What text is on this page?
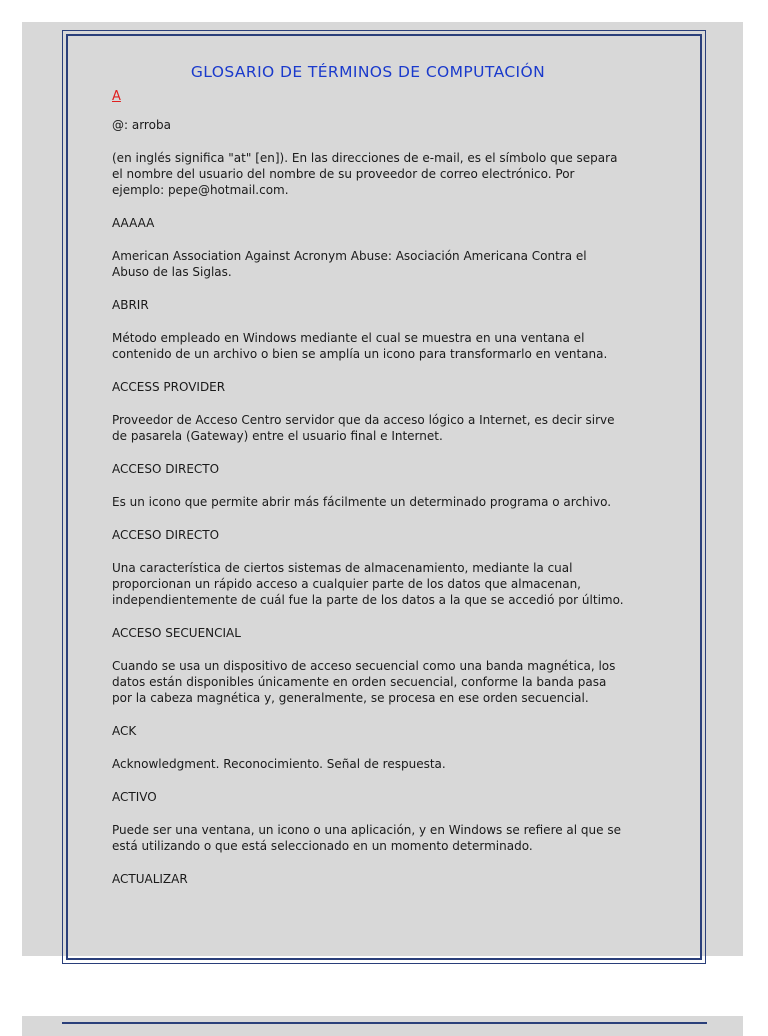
GLOSARIO DE TÉRMINOS DE COMPUTACIÓN
A

@: arroba

(en inglés significa "at" [en]). En las direcciones de e-mail, es el símbolo que separa el nombre del usuario del nombre de su proveedor de correo electrónico. Por ejemplo: pepe@hotmail.com.

AAAAA

American Association Against Acronym Abuse: Asociación Americana Contra el Abuso de las Siglas.

ABRIR

Método empleado en Windows mediante el cual se muestra en una ventana el contenido de un archivo o bien se amplía un icono para transformarlo en ventana.

ACCESS PROVIDER

Proveedor de Acceso Centro servidor que da acceso lógico a Internet, es decir sirve de pasarela (Gateway) entre el usuario final e Internet.

ACCESO DIRECTO

Es un icono que permite abrir más fácilmente un determinado programa o archivo.

ACCESO DIRECTO

Una característica de ciertos sistemas de almacenamiento, mediante la cual proporcionan un rápido acceso a cualquier parte de los datos que almacenan, independientemente de cuál fue la parte de los datos a la que se accedió por último.

ACCESO SECUENCIAL

Cuando se usa un dispositivo de acceso secuencial como una banda magnética, los datos están disponibles únicamente en orden secuencial, conforme la banda pasa por la cabeza magnética y, generalmente, se procesa en ese orden secuencial.

ACK

Acknowledgment. Reconocimiento. Señal de respuesta.

ACTIVO

Puede ser una ventana, un icono o una aplicación, y en Windows se refiere al que se está utilizando o que está seleccionado en un momento determinado.

ACTUALIZAR
